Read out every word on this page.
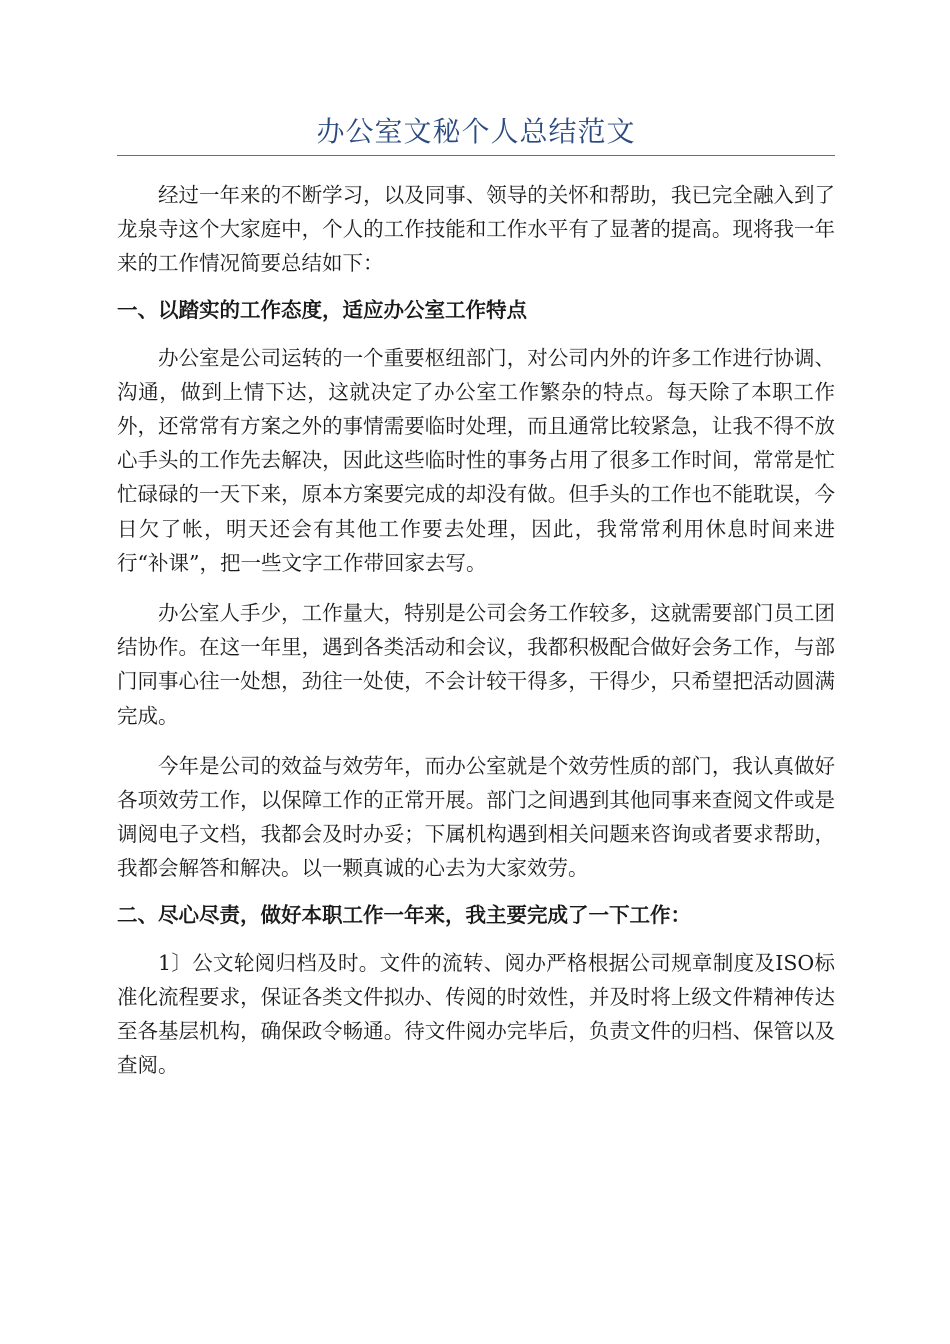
办公室文秘个人总结范文

经过一年来的不断学习，以及同事、领导的关怀和帮助，我已完全融入到了龙泉寺这个大家庭中，个人的工作技能和工作水平有了显著的提高。现将我一年来的工作情况简要总结如下：

一、以踏实的工作态度，适应办公室工作特点

办公室是公司运转的一个重要枢纽部门，对公司内外的许多工作进行协调、沟通，做到上情下达，这就决定了办公室工作繁杂的特点。每天除了本职工作外，还常常有方案之外的事情需要临时处理，而且通常比较紧急，让我不得不放心手头的工作先去解决，因此这些临时性的事务占用了很多工作时间，常常是忙忙碌碌的一天下来，原本方案要完成的却没有做。但手头的工作也不能耽误，今日欠了帐，明天还会有其他工作要去处理，因此，我常常利用休息时间来进行“补课”，把一些文字工作带回家去写。

办公室人手少，工作量大，特别是公司会务工作较多，这就需要部门员工团结协作。在这一年里，遇到各类活动和会议，我都积极配合做好会务工作，与部门同事心往一处想，劲往一处使，不会计较干得多，干得少，只希望把活动圆满完成。

今年是公司的效益与效劳年，而办公室就是个效劳性质的部门，我认真做好各项效劳工作，以保障工作的正常开展。部门之间遇到其他同事来查阅文件或是调阅电子文档，我都会及时办妥；下属机构遇到相关问题来咨询或者要求帮助，我都会解答和解决。以一颗真诚的心去为大家效劳。

二、尽心尽责，做好本职工作一年来，我主要完成了一下工作：

1〕公文轮阅归档及时。文件的流转、阅办严格根据公司规章制度及ISO标准化流程要求，保证各类文件拟办、传阅的时效性，并及时将上级文件精神传达至各基层机构，确保政令畅通。待文件阅办完毕后，负责文件的归档、保管以及查阅。
